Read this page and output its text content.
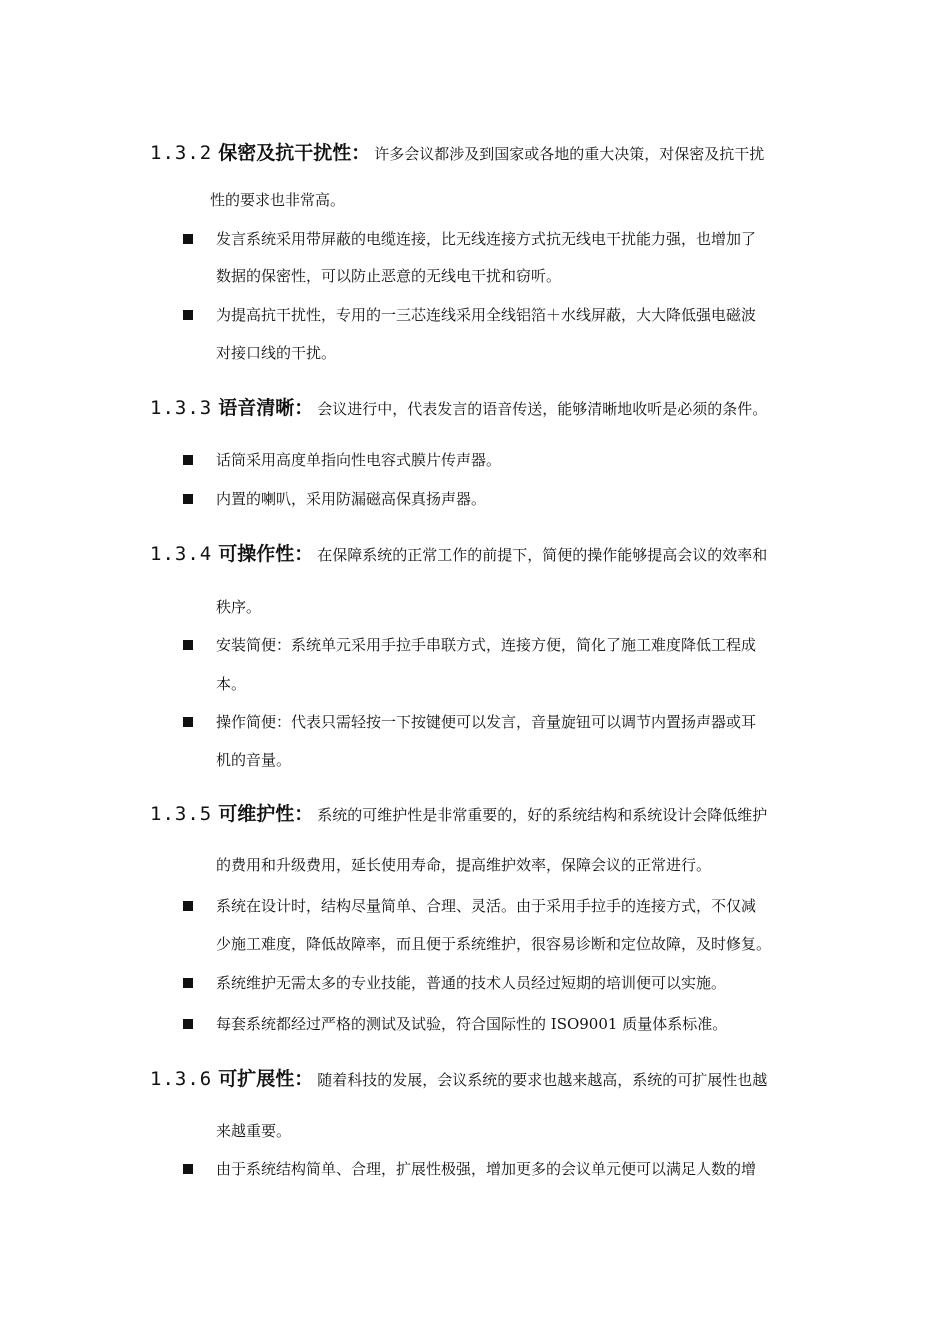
1.3.2 保密及抗干扰性： 许多会议都涉及到国家或各地的重大决策，对保密及抗干扰
性的要求也非常高。
发言系统采用带屏蔽的电缆连接，比无线连接方式抗无线电干扰能力强，也增加了
数据的保密性，可以防止恶意的无线电干扰和窃听。
为提高抗干扰性，专用的一三芯连线采用全线铝箔＋水线屏蔽，大大降低强电磁波
对接口线的干扰。
1.3.3 语音清晰： 会议进行中，代表发言的语音传送，能够清晰地收听是必须的条件。
话筒采用高度单指向性电容式膜片传声器。
内置的喇叭，采用防漏磁高保真扬声器。
1.3.4 可操作性： 在保障系统的正常工作的前提下，简便的操作能够提高会议的效率和
秩序。
安装简便：系统单元采用手拉手串联方式，连接方便，简化了施工难度降低工程成
本。
操作简便：代表只需轻按一下按键便可以发言，音量旋钮可以调节内置扬声器或耳
机的音量。
1.3.5 可维护性： 系统的可维护性是非常重要的，好的系统结构和系统设计会降低维护
的费用和升级费用，延长使用寿命，提高维护效率，保障会议的正常进行。
系统在设计时，结构尽量简单、合理、灵活。由于采用手拉手的连接方式，不仅减
少施工难度，降低故障率，而且便于系统维护，很容易诊断和定位故障，及时修复。
系统维护无需太多的专业技能，普通的技术人员经过短期的培训便可以实施。
每套系统都经过严格的测试及试验，符合国际性的 ISO9001 质量体系标准。
1.3.6 可扩展性： 随着科技的发展，会议系统的要求也越来越高，系统的可扩展性也越
来越重要。
由于系统结构简单、合理，扩展性极强，增加更多的会议单元便可以满足人数的增
